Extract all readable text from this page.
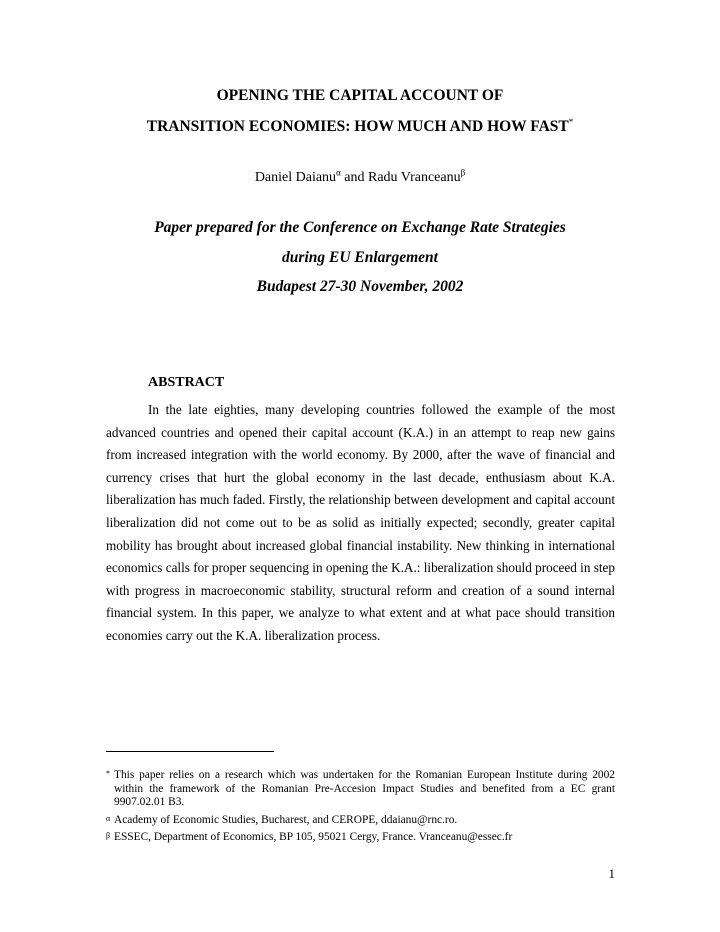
OPENING THE CAPITAL ACCOUNT OF
TRANSITION ECONOMIES: HOW MUCH AND HOW FAST*
Daniel Daianu$^\alpha$ and Radu Vranceanu$^\beta$
Paper prepared for the Conference on Exchange Rate Strategies
during EU Enlargement
Budapest 27-30 November, 2002
ABSTRACT

In the late eighties, many developing countries followed the example of the most advanced countries and opened their capital account (K.A.) in an attempt to reap new gains from increased integration with the world economy. By 2000, after the wave of financial and currency crises that hurt the global economy in the last decade, enthusiasm about K.A. liberalization has much faded. Firstly, the relationship between development and capital account liberalization did not come out to be as solid as initially expected; secondly, greater capital mobility has brought about increased global financial instability. New thinking in international economics calls for proper sequencing in opening the K.A.: liberalization should proceed in step with progress in macroeconomic stability, structural reform and creation of a sound internal financial system. In this paper, we analyze to what extent and at what pace should transition economies carry out the K.A. liberalization process.

* This paper relies on a research which was undertaken for the Romanian European Institute during 2002 within the framework of the Romanian Pre-Accesion Impact Studies and benefited from a EC grant 9907.02.01 B3.

α Academy of Economic Studies, Bucharest, and CEROPE, ddaianu@rnc.ro.

β ESSEC, Department of Economics, BP 105, 95021 Cergy, France. Vranceanu@essec.fr

1
